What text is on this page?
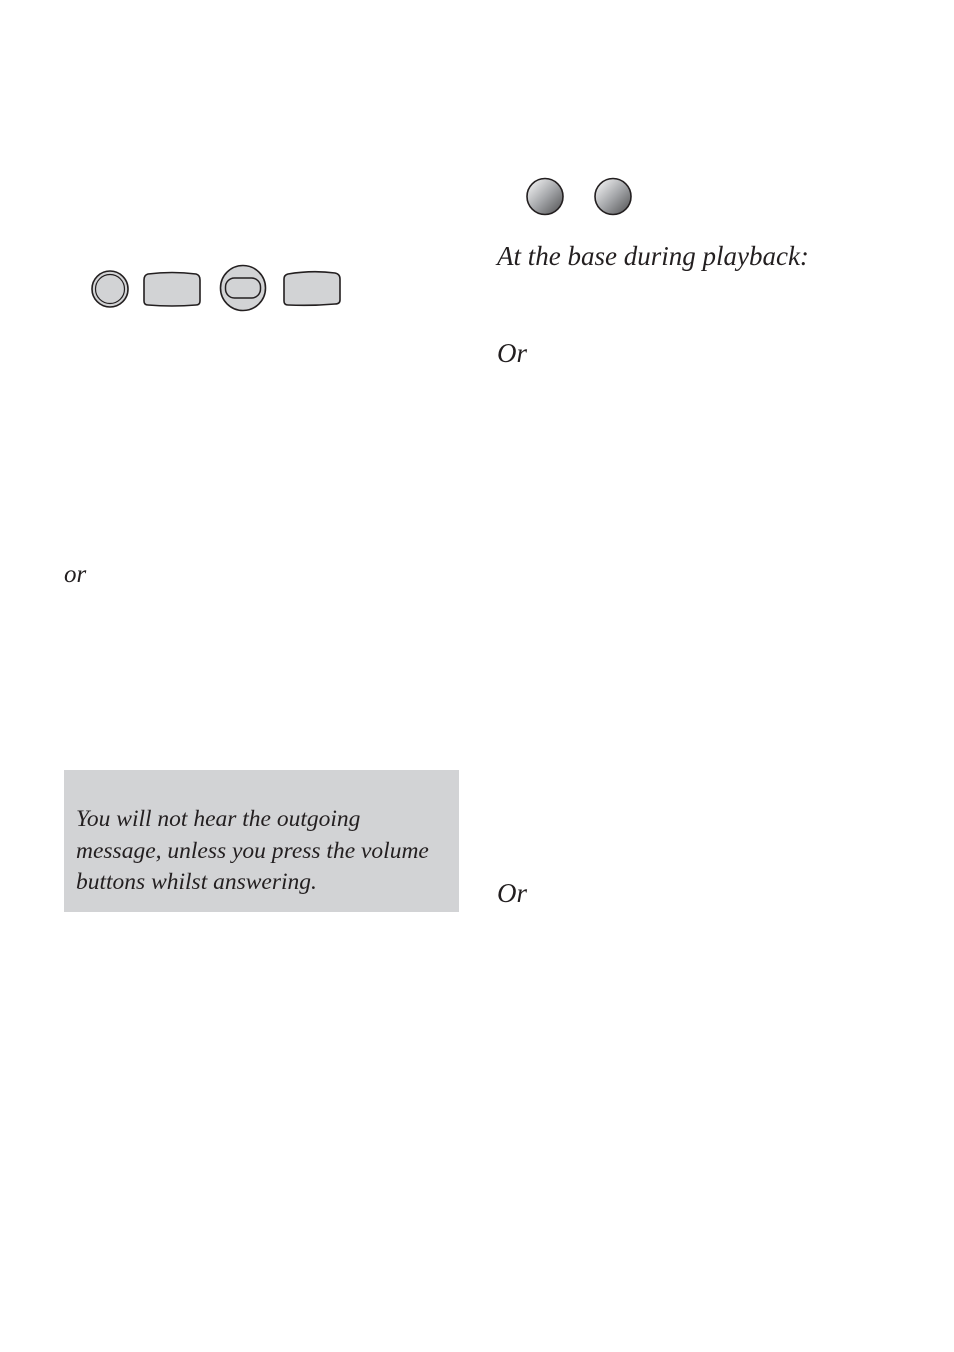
At the base during playback:
Or
Or
or
You will not hear the outgoing
message, unless you press the volume
buttons whilst answering.
